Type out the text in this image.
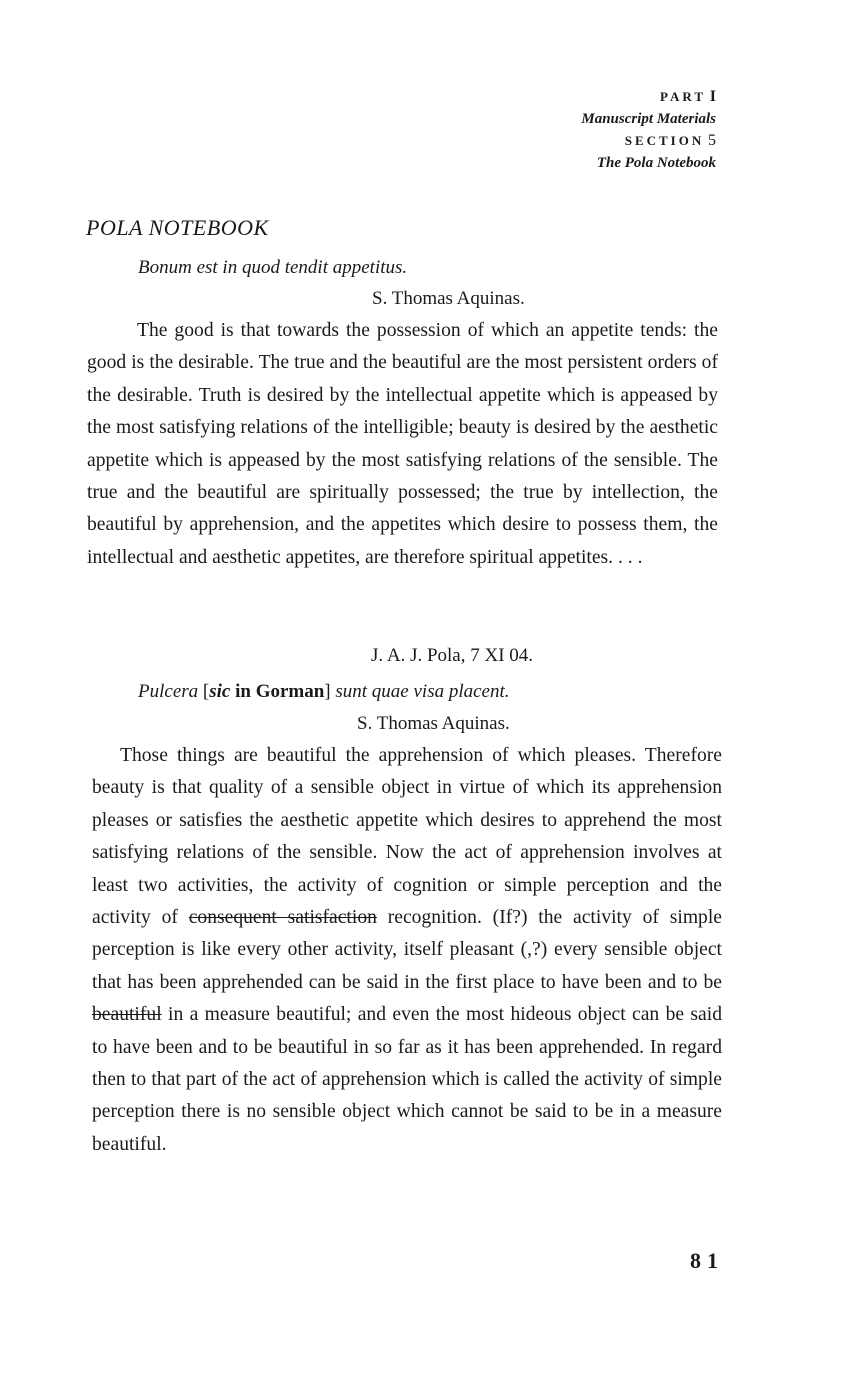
PART I
Manuscript Materials
SECTION 5
The Pola Notebook
POLA NOTEBOOK
Bonum est in quod tendit appetitus.
S. Thomas Aquinas.

The good is that towards the possession of which an appetite tends: the good is the desirable. The true and the beautiful are the most persistent orders of the desirable. Truth is desired by the intellectual appetite which is appeased by the most satisfying relations of the intelligible; beauty is desired by the aesthetic appetite which is appeased by the most satisfying relations of the sensible. The true and the beautiful are spiritually possessed; the true by intellection, the beautiful by apprehension, and the appetites which desire to possess them, the intellectual and aesthetic appetites, are therefore spiritual appetites. . . .

J. A. J. Pola, 7 XI 04.
Pulcera [sic in Gorman] sunt quae visa placent.
S. Thomas Aquinas.

Those things are beautiful the apprehension of which pleases. Therefore beauty is that quality of a sensible object in virtue of which its apprehension pleases or satisfies the aesthetic appetite which desires to apprehend the most satisfying relations of the sensible. Now the act of apprehension involves at least two activities, the activity of cognition or simple perception and the activity of consequent satisfaction recognition. (If?) the activity of simple perception is like every other activity, itself pleasant (,?) every sensible object that has been apprehended can be said in the first place to have been and to be beautiful in a measure beautiful; and even the most hideous object can be said to have been and to be beautiful in so far as it has been apprehended. In regard then to that part of the act of apprehension which is called the activity of simple perception there is no sensible object which cannot be said to be in a measure beautiful.

81
